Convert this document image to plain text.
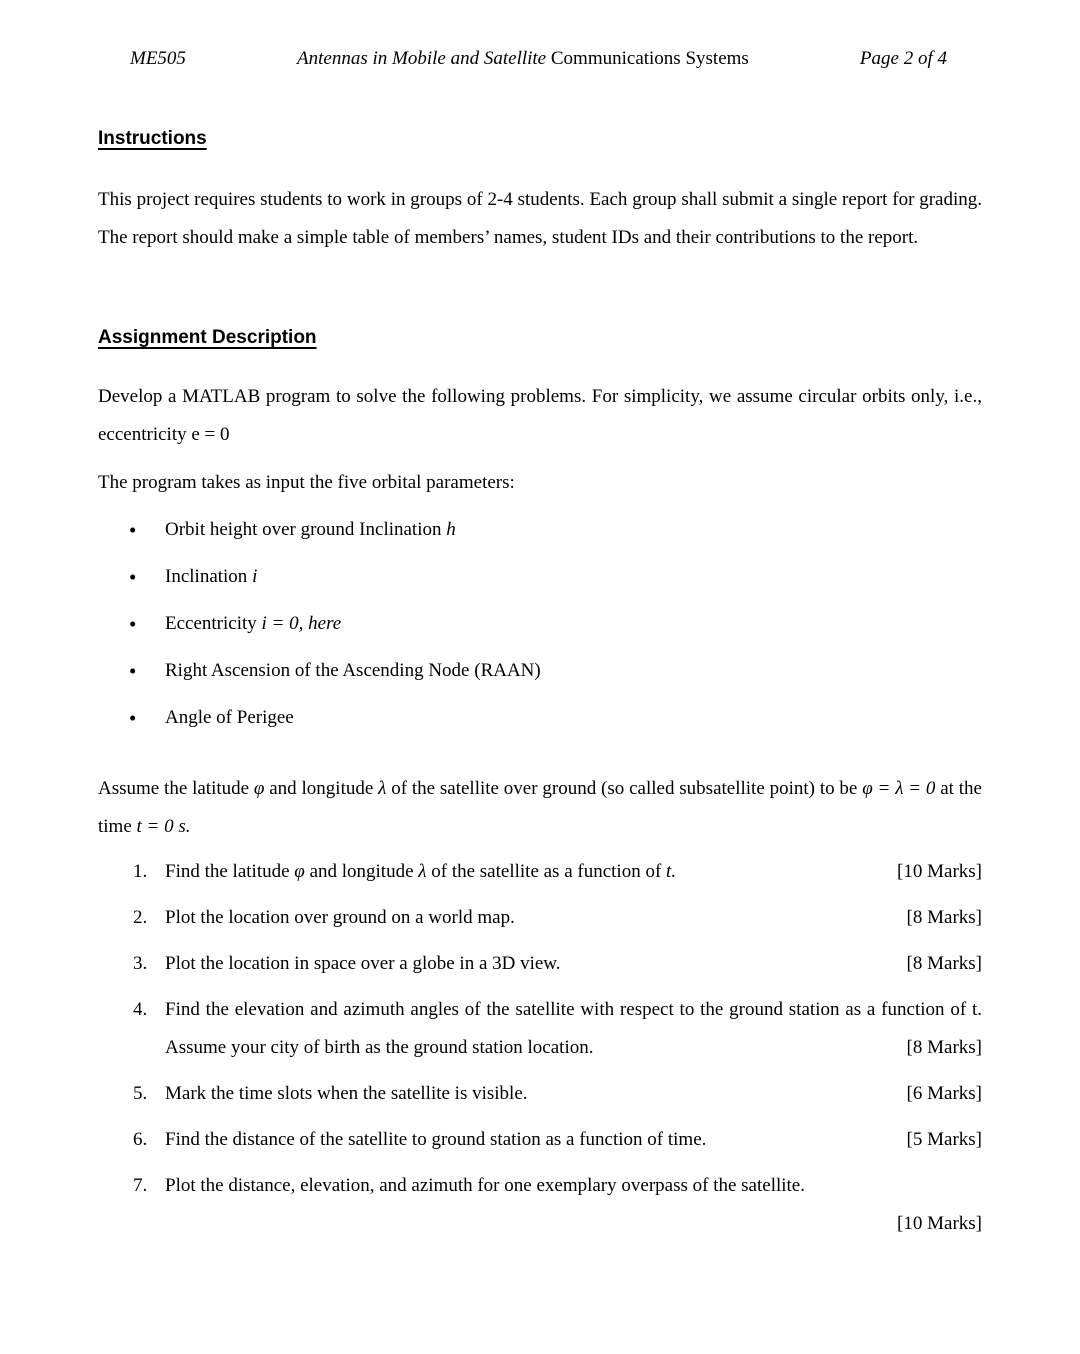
ME505	Antennas in Mobile and Satellite Communications Systems	Page 2 of 4
Instructions

This project requires students to work in groups of 2-4 students. Each group shall submit a single report for grading. The report should make a simple table of members’ names, student IDs and their contributions to the report.

Assignment Description

Develop a MATLAB program to solve the following problems. For simplicity, we assume circular orbits only, i.e., eccentricity e = 0

The program takes as input the five orbital parameters:

• Orbit height over ground Inclination h
• Inclination i
• Eccentricity i = 0, here
• Right Ascension of the Ascending Node (RAAN)
• Angle of Perigee

Assume the latitude φ and longitude λ of the satellite over ground (so called subsatellite point) to be φ = λ = 0 at the time t = 0 s.

1. Find the latitude φ and longitude λ of the satellite as a function of t.	[10 Marks]
2. Plot the location over ground on a world map.	[8 Marks]
3. Plot the location in space over a globe in a 3D view.	[8 Marks]
4. Find the elevation and azimuth angles of the satellite with respect to the ground station as a function of t. Assume your city of birth as the ground station location.	[8 Marks]
5. Mark the time slots when the satellite is visible.	[6 Marks]
6. Find the distance of the satellite to ground station as a function of time.	[5 Marks]
7. Plot the distance, elevation, and azimuth for one exemplary overpass of the satellite.
[10 Marks]
